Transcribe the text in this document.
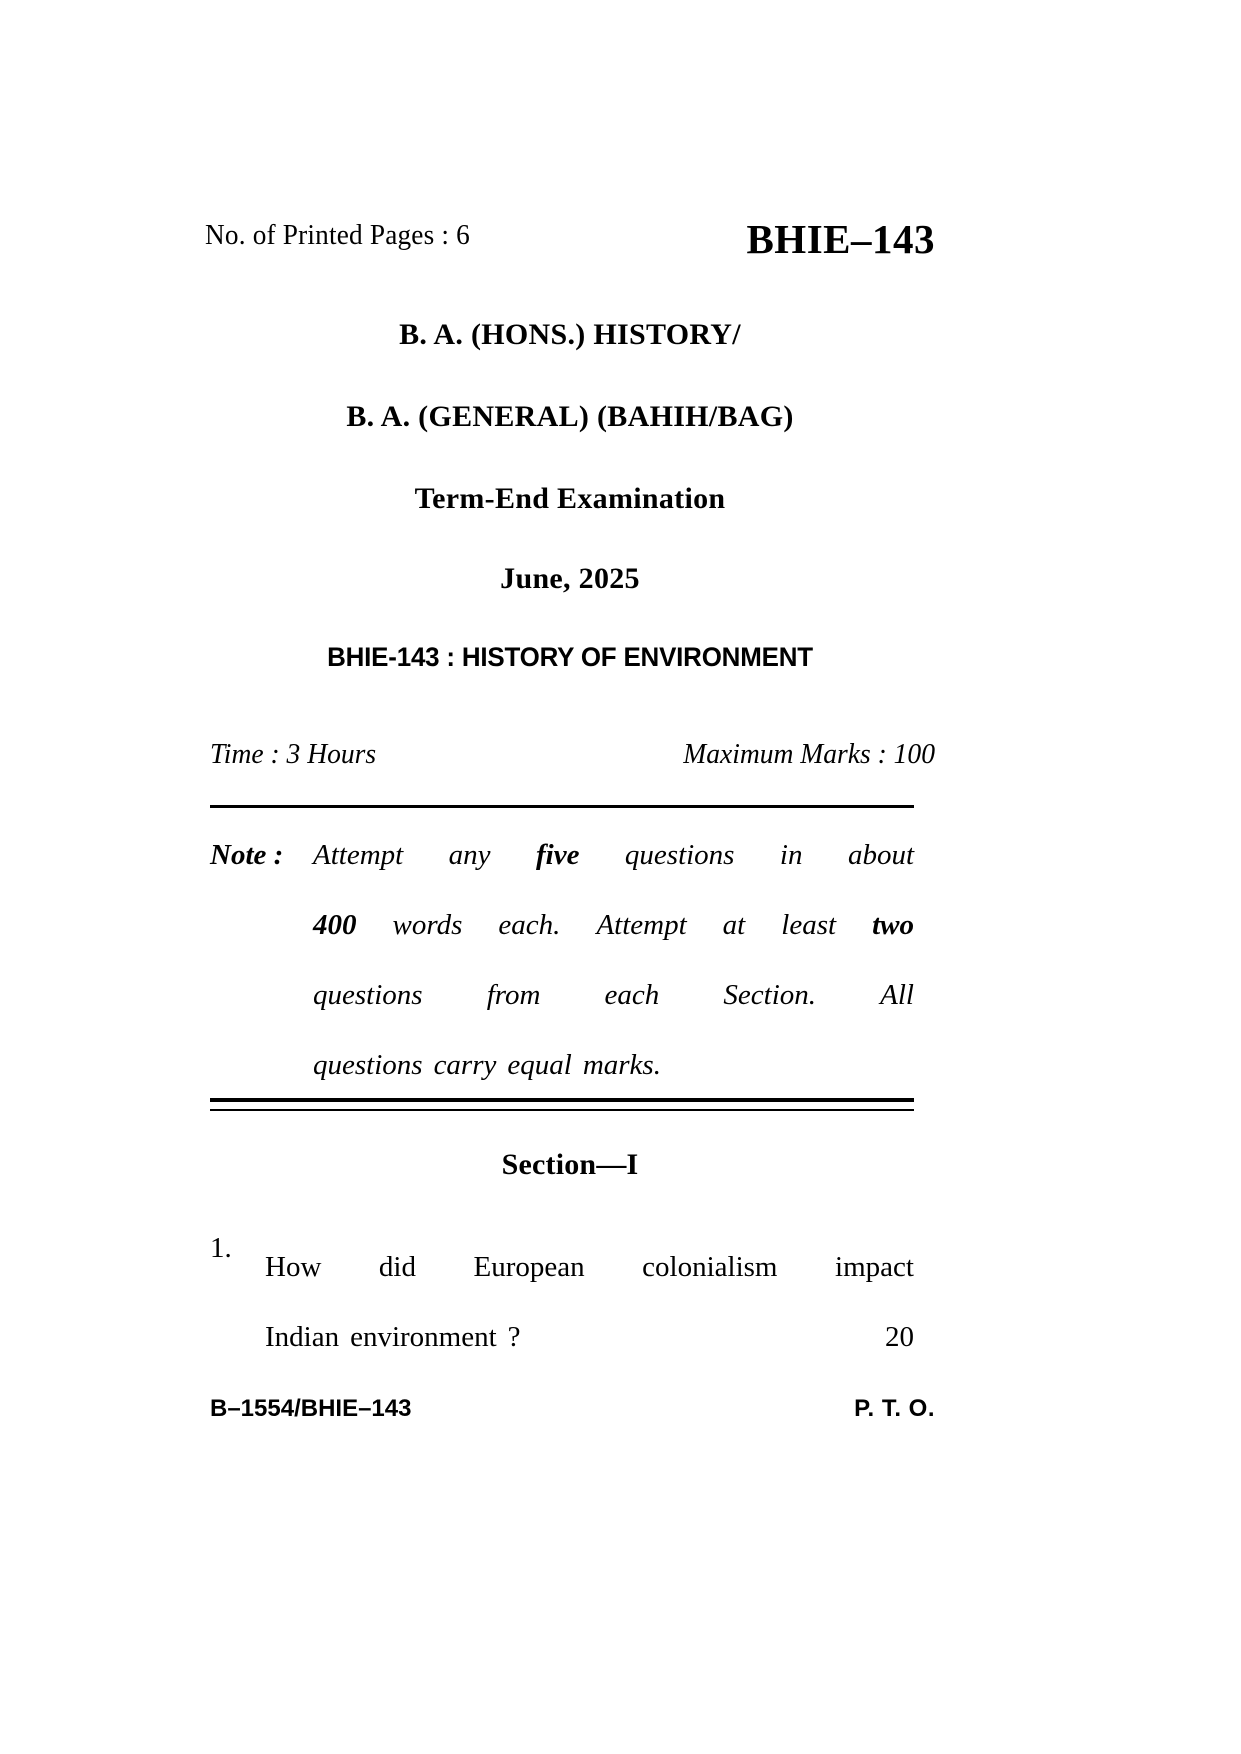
No. of Printed Pages : 6	BHIE–143
B. A. (HONS.) HISTORY/
B. A. (GENERAL) (BAHIH/BAG)
Term-End Examination
June, 2025
BHIE-143 : HISTORY OF ENVIRONMENT
Time : 3 Hours	Maximum Marks : 100
Note : Attempt any five questions in about
400 words each. Attempt at least two
questions from each Section. All
questions carry equal marks.
Section—I
1.
How did European colonialism impact
Indian environment ?	20
B–1554/BHIE–143	P. T. O.
